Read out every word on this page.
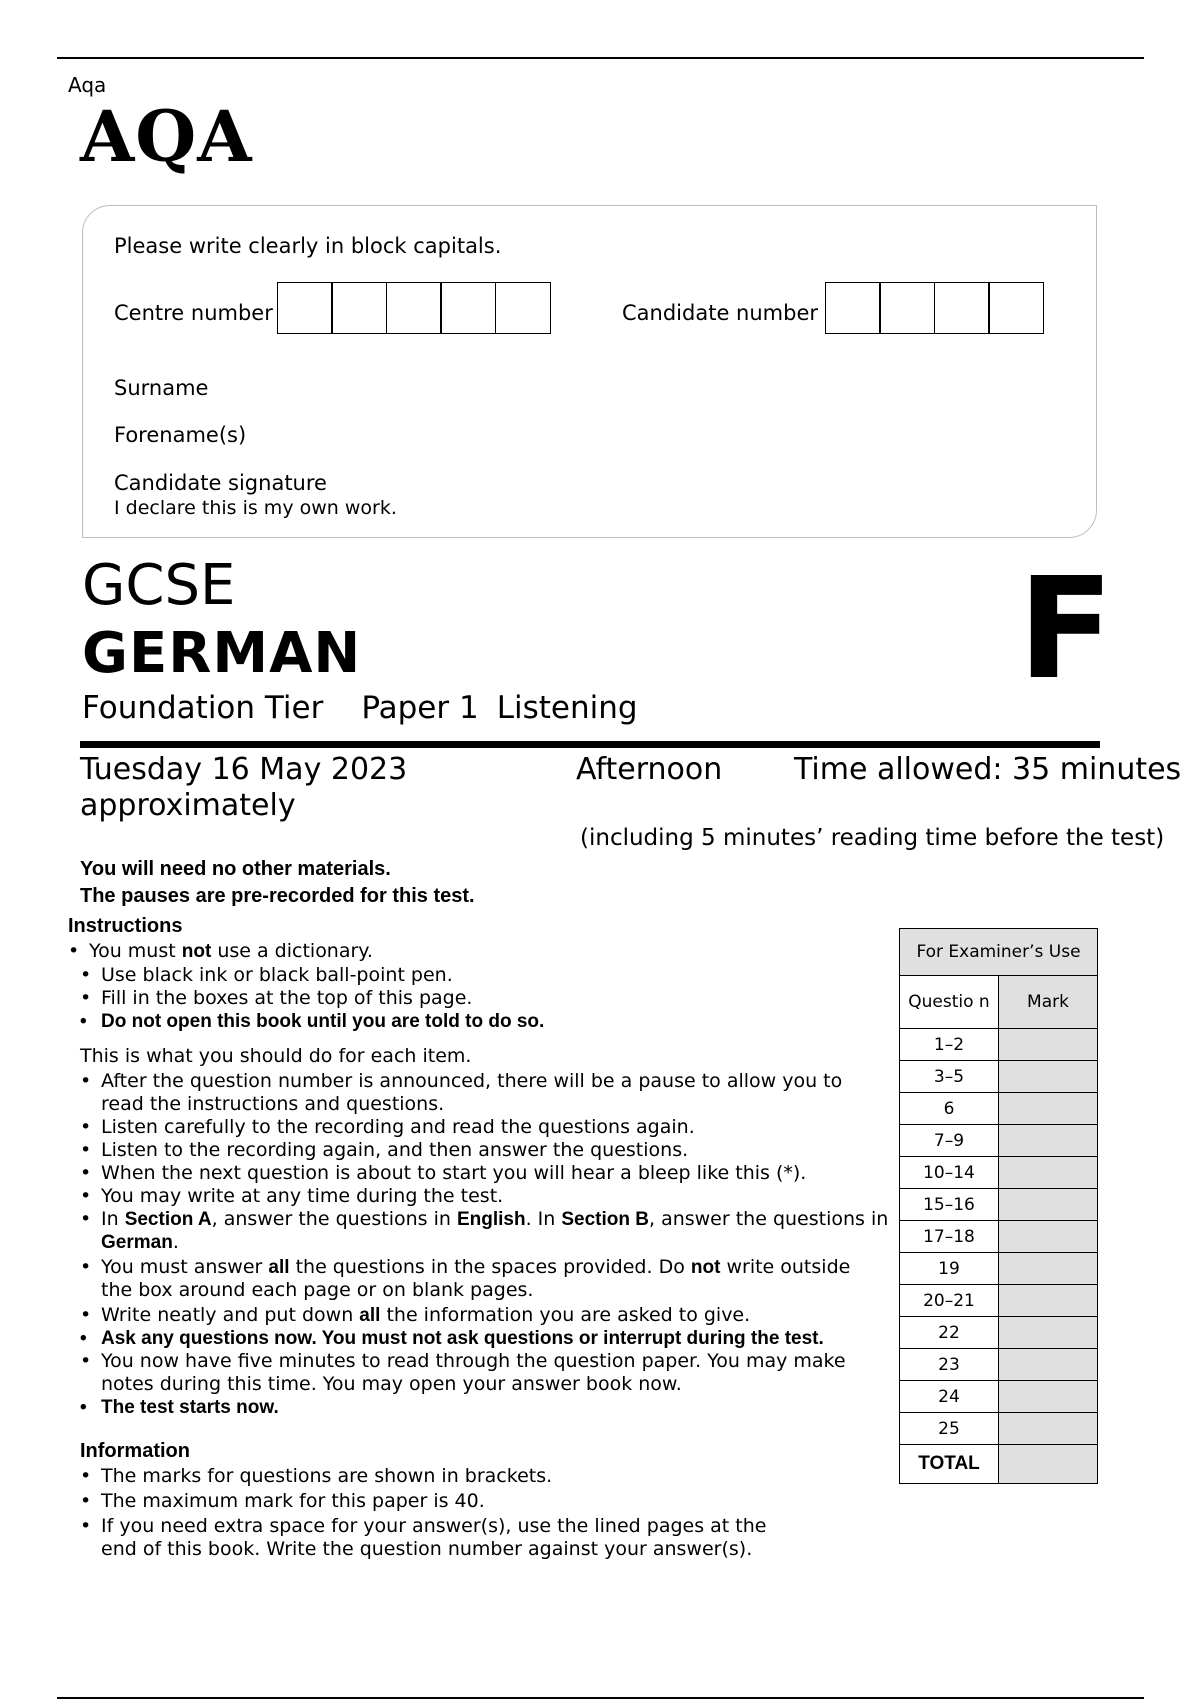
Aqa
AQA
Please write clearly in block capitals.
Centre number	Candidate number
Surname
Forename(s)
Candidate signature
I declare this is my own work.
GCSE
GERMAN
Foundation Tier Paper 1 Listening	F
Tuesday 16 May 2023	Afternoon Time allowed: 35 minutes
approximately
(including 5 minutes’ reading time before the test)
You will need no other materials.
The pauses are pre-recorded for this test.
Instructions
• You must not use a dictionary.
• Use black ink or black ball-point pen.
• Fill in the boxes at the top of this page.
• Do not open this book until you are told to do so.
This is what you should do for each item.
• After the question number is announced, there will be a pause to allow you to read the instructions and questions.
• Listen carefully to the recording and read the questions again.
• Listen to the recording again, and then answer the questions.
• When the next question is about to start you will hear a bleep like this (*).
• You may write at any time during the test.
• In Section A, answer the questions in English. In Section B, answer the questions in German.
• You must answer all the questions in the spaces provided. Do not write outside the box around each page or on blank pages.
• Write neatly and put down all the information you are asked to give.
• Ask any questions now. You must not ask questions or interrupt during the test.
• You now have five minutes to read through the question paper. You may make notes during this time. You may open your answer book now.
• The test starts now.
Information
• The marks for questions are shown in brackets.
• The maximum mark for this paper is 40.
• If you need extra space for your answer(s), use the lined pages at the end of this book. Write the question number against your answer(s).
For Examiner’s Use	
Questio n	Mark
1–2	
3–5	
6	
7–9	
10–14	
15–16	
17–18	
19	
20–21	
22	
23	
24	
25	
TOTAL	
